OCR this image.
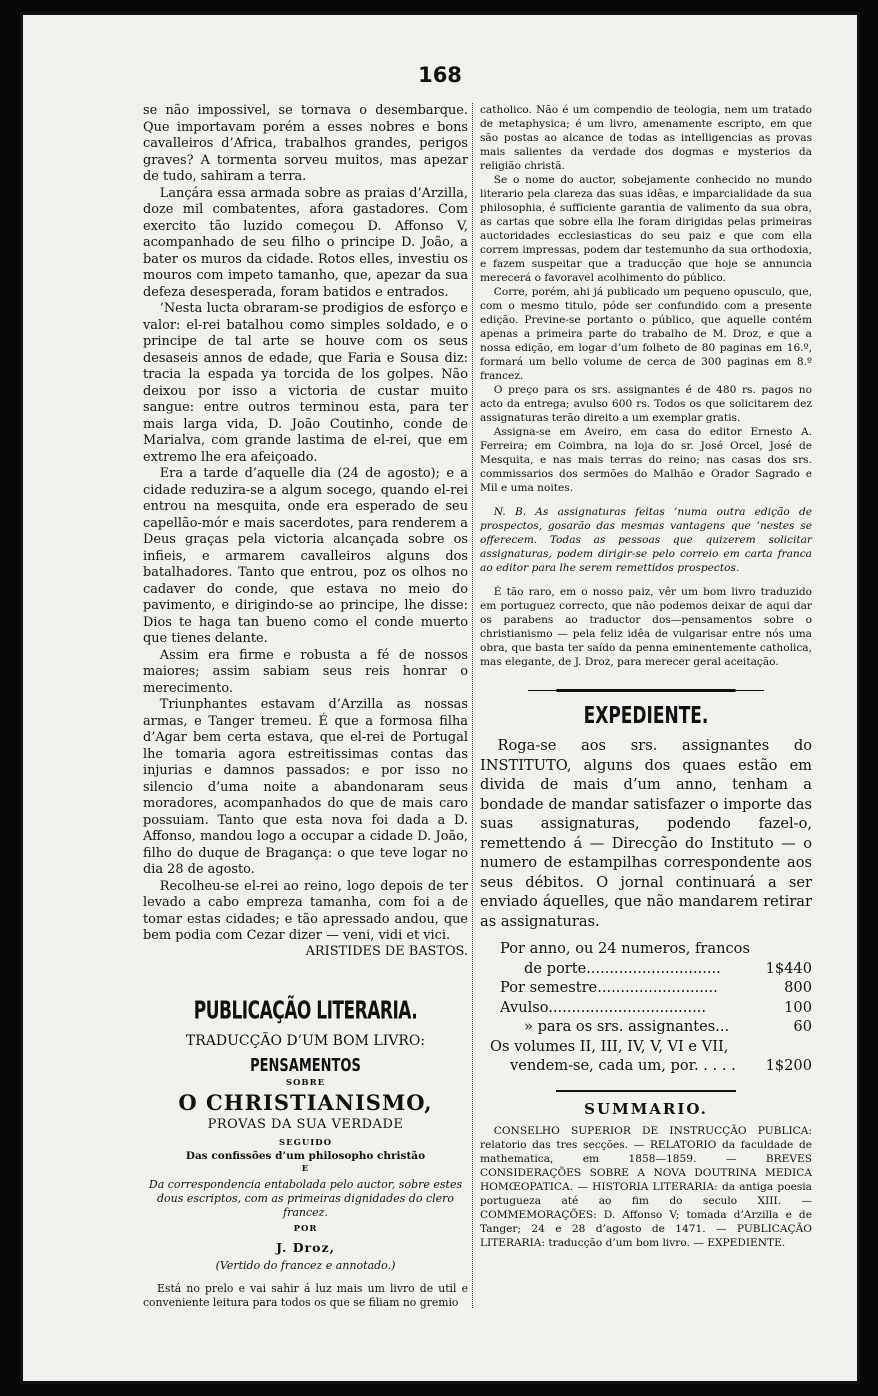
168

se não impossivel, se tornava o desembarque. Que importavam porém a esses nobres e bons cavalleiros d’Africa, trabalhos grandes, perigos graves? A tormenta sorveu muitos, mas apezar de tudo, sahiram a terra.

Lançára essa armada sobre as praias d’Arzilla, doze mil combatentes, afora gastadores. Com exercito tão luzido começou D. Affonso V, acompanhado de seu filho o principe D. João, a bater os muros da cidade. Rotos elles, investiu os mouros com impeto tamanho, que, apezar da sua defeza desesperada, foram batidos e entrados.

’Nesta lucta obraram-se prodigios de esforço e valor: el-rei batalhou como simples soldado, e o principe de tal arte se houve com os seus desaseis annos de edade, que Faria e Sousa diz: tracia la espada ya torcida de los golpes. Não deixou por isso a victoria de custar muito sangue: entre outros terminou esta, para ter mais larga vida, D. João Coutinho, conde de Marialva, com grande lastima de el-rei, que em extremo lhe era afeiçoado.

Era a tarde d’aquelle dia (24 de agosto); e a cidade reduzira-se a algum socego, quando el-rei entrou na mesquita, onde era esperado de seu capellão-mór e mais sacerdotes, para renderem a Deus graças pela victoria alcançada sobre os infieis, e armarem cavalleiros alguns dos batalhadores. Tanto que entrou, poz os olhos no cadaver do conde, que estava no meio do pavimento, e dirigindo-se ao principe, lhe disse: Dios te haga tan bueno como el conde muerto que tienes delante.

Assim era firme e robusta a fé de nossos maiores; assim sabiam seus reis honrar o merecimento.

Triunphantes estavam d’Arzilla as nossas armas, e Tanger tremeu. É que a formosa filha d’Agar bem certa estava, que el-rei de Portugal lhe tomaria agora estreitissimas contas das injurias e damnos passados: e por isso no silencio d’uma noite a abandonaram seus moradores, acompanhados do que de mais caro possuiam. Tanto que esta nova foi dada a D. Affonso, mandou logo a occupar a cidade D. João, filho do duque de Bragança: o que teve logar no dia 28 de agosto.

Recolheu-se el-rei ao reino, logo depois de ter levado a cabo empreza tamanha, com foi a de tomar estas cidades; e tão apressado andou, que bem podia com Cezar dizer — veni, vidi et vici.

ARISTIDES DE BASTOS.
PUBLICAÇÃO LITERARIA.
TRADUCÇÃO D’UM BOM LIVRO:
PENSAMENTOS
SOBRE
O CHRISTIANISMO,
PROVAS DA SUA VERDADE
SEGUIDO
Das confissões d’um philosopho christão
E
Da correspondencia entabolada pelo auctor, sobre estes dous escriptos, com as primeiras dignidades do clero francez.
POR
J. Droz,
(Vertido do francez e annotado.)

Está no prelo e vai sahir á luz mais um livro de util e conveniente leitura para todos os que se filiam no gremio

catholico. Não é um compendio de teologia, nem um tratado de metaphysica; é um livro, amenamente escripto, em que são postas ao alcance de todas as intelligencias as provas mais salientes da verdade dos dogmas e mysterios da religião christã.

Se o nome do auctor, sobejamente conhecido no mundo literario pela clareza das suas idêas, e imparcialidade da sua philosophia, é sufficiente garantia de valimento da sua obra, as cartas que sobre ella lhe foram dirigidas pelas primeiras auctoridades ecclesiasticas do seu paiz e que com ella correm impressas, podem dar testemunho da sua orthodoxia, e fazem suspeitar que a traducção que hoje se annuncia merecerá o favoravel acolhimento do público.

Corre, porém, ahi já publicado um pequeno opusculo, que, com o mesmo titulo, póde ser confundido com a presente edição. Previne-se portanto o público, que aquelle contém apenas a primeira parte do trabalho de M. Droz, e que a nossa edição, em logar d’um folheto de 80 paginas em 16.º, formará um bello volume de cerca de 300 paginas em 8.º francez.

O preço para os srs. assignantes é de 480 rs. pagos no acto da entrega; avulso 600 rs. Todos os que solicitarem dez assignaturas terão direito a um exemplar gratis.

Assigna-se em Aveiro, em casa do editor Ernesto A. Ferreira; em Coimbra, na loja do sr. José Orcel, José de Mesquita, e nas mais terras do reino; nas casas dos srs. commissarios dos sermões do Malhão e Orador Sagrado e Mil e uma noites.

N. B. As assignaturas feitas ’numa outra edição de prospectos, gosarão das mesmas vantagens que ’nestes se offerecem. Todas as pessoas que quizerem solicitar assignaturas, podem dirigir-se pelo correio em carta franca ao editor para lhe serem remettidos prospectos.

É tão raro, em o nosso paiz, vêr um bom livro traduzido em portuguez correcto, que não podemos deixar de aqui dar os parabens ao traductor dos—pensamentos sobre o christianismo — pela feliz idêa de vulgarisar entre nós uma obra, que basta ter saído da penna eminentemente catholica, mas elegante, de J. Droz, para merecer geral aceitação.

EXPEDIENTE.

Roga-se aos srs. assignantes do INSTITUTO, alguns dos quaes estão em divida de mais d’um anno, tenham a bondade de mandar satisfazer o importe das suas assignaturas, podendo fazel-o, remettendo á — Direcção do Instituto — o numero de estampilhas correspondente aos seus débitos. O jornal continuará a ser enviado áquelles, que não mandarem retirar as assignaturas.

Por anno, ou 24 numeros, francos
de porte.............................	1$440
Por semestre..........................	800
Avulso..................................	100
» para os srs. assignantes...	60
Os volumes II, III, IV, V, VI e VII,
vendem-se, cada um, por. . . . .	1$200
SUMMARIO.

CONSELHO SUPERIOR DE INSTRUCÇÃO PUBLICA: relatorio das tres secções. — RELATORIO da faculdade de mathematica, em 1858—1859. — BREVES CONSIDERAÇÕES SOBRE A NOVA DOUTRINA MEDICA HOMŒOPATICA. — HISTORIA LITERARIA: da antiga poesia portugueza até ao fim do seculo XIII. — COMMEMORAÇÕES: D. Affonso V; tomada d’Arzilla e de Tanger; 24 e 28 d’agosto de 1471. — PUBLICAÇÃO LITERARIA: traducção d’um bom livro. — EXPEDIENTE.
